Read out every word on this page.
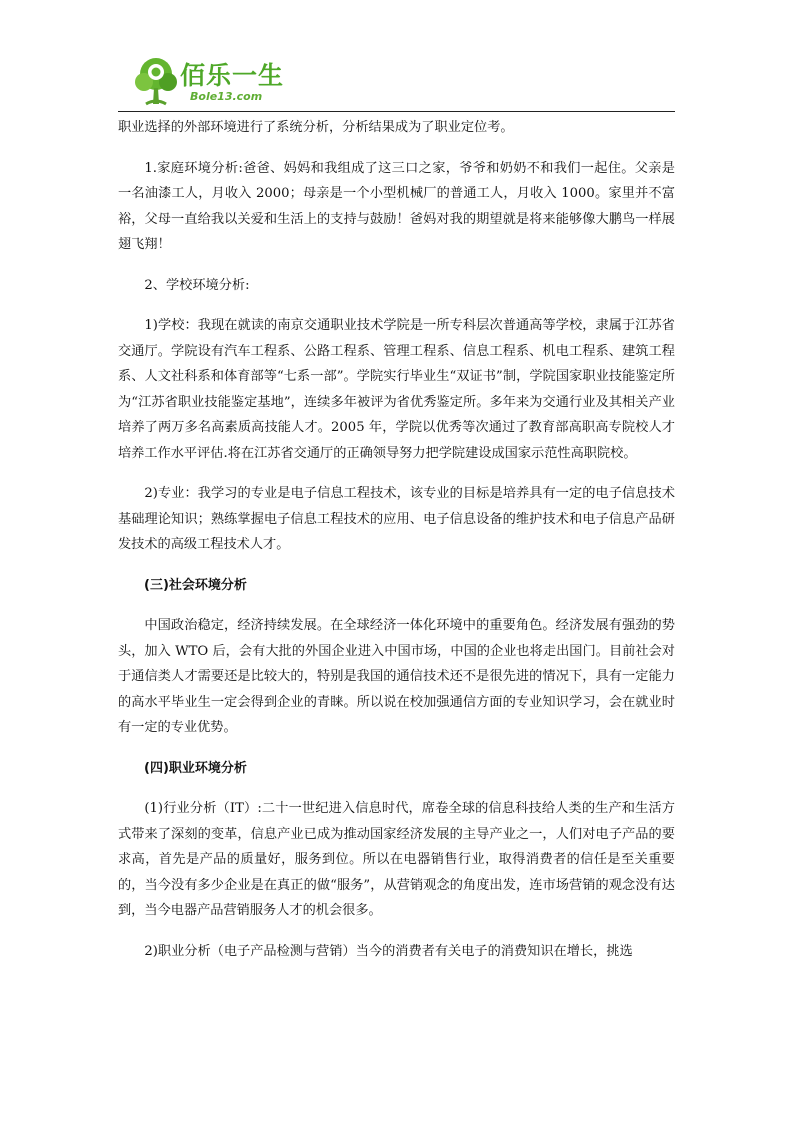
佰乐一生
Bole13.com

职业选择的外部环境进行了系统分析，分析结果成为了职业定位考。

1.家庭环境分析:爸爸、妈妈和我组成了这三口之家，爷爷和奶奶不和我们一起住。父亲是一名油漆工人，月收入 2000；母亲是一个小型机械厂的普通工人，月收入 1000。家里并不富裕，父母一直给我以关爱和生活上的支持与鼓励！爸妈对我的期望就是将来能够像大鹏鸟一样展翅飞翔！

2、学校环境分析:

1)学校：我现在就读的南京交通职业技术学院是一所专科层次普通高等学校，隶属于江苏省交通厅。学院设有汽车工程系、公路工程系、管理工程系、信息工程系、机电工程系、建筑工程系、人文社科系和体育部等“七系一部”。学院实行毕业生“双证书”制，学院国家职业技能鉴定所为“江苏省职业技能鉴定基地”，连续多年被评为省优秀鉴定所。多年来为交通行业及其相关产业培养了两万多名高素质高技能人才。2005 年，学院以优秀等次通过了教育部高职高专院校人才培养工作水平评估.将在江苏省交通厅的正确领导努力把学院建设成国家示范性高职院校。

2)专业：我学习的专业是电子信息工程技术，该专业的目标是培养具有一定的电子信息技术基础理论知识；熟练掌握电子信息工程技术的应用、电子信息设备的维护技术和电子信息产品研发技术的高级工程技术人才。

(三)社会环境分析

中国政治稳定，经济持续发展。在全球经济一体化环境中的重要角色。经济发展有强劲的势头，加入 WTO 后，会有大批的外国企业进入中国市场，中国的企业也将走出国门。目前社会对于通信类人才需要还是比较大的，特别是我国的通信技术还不是很先进的情况下，具有一定能力的高水平毕业生一定会得到企业的青睐。所以说在校加强通信方面的专业知识学习，会在就业时有一定的专业优势。

(四)职业环境分析

(1)行业分析（IT）:二十一世纪进入信息时代，席卷全球的信息科技给人类的生产和生活方式带来了深刻的变革，信息产业已成为推动国家经济发展的主导产业之一，人们对电子产品的要求高，首先是产品的质量好，服务到位。所以在电器销售行业，取得消费者的信任是至关重要的，当今没有多少企业是在真正的做“服务”，从营销观念的角度出发，连市场营销的观念没有达到，当今电器产品营销服务人才的机会很多。

2)职业分析（电子产品检测与营销）当今的消费者有关电子的消费知识在增长，挑选
